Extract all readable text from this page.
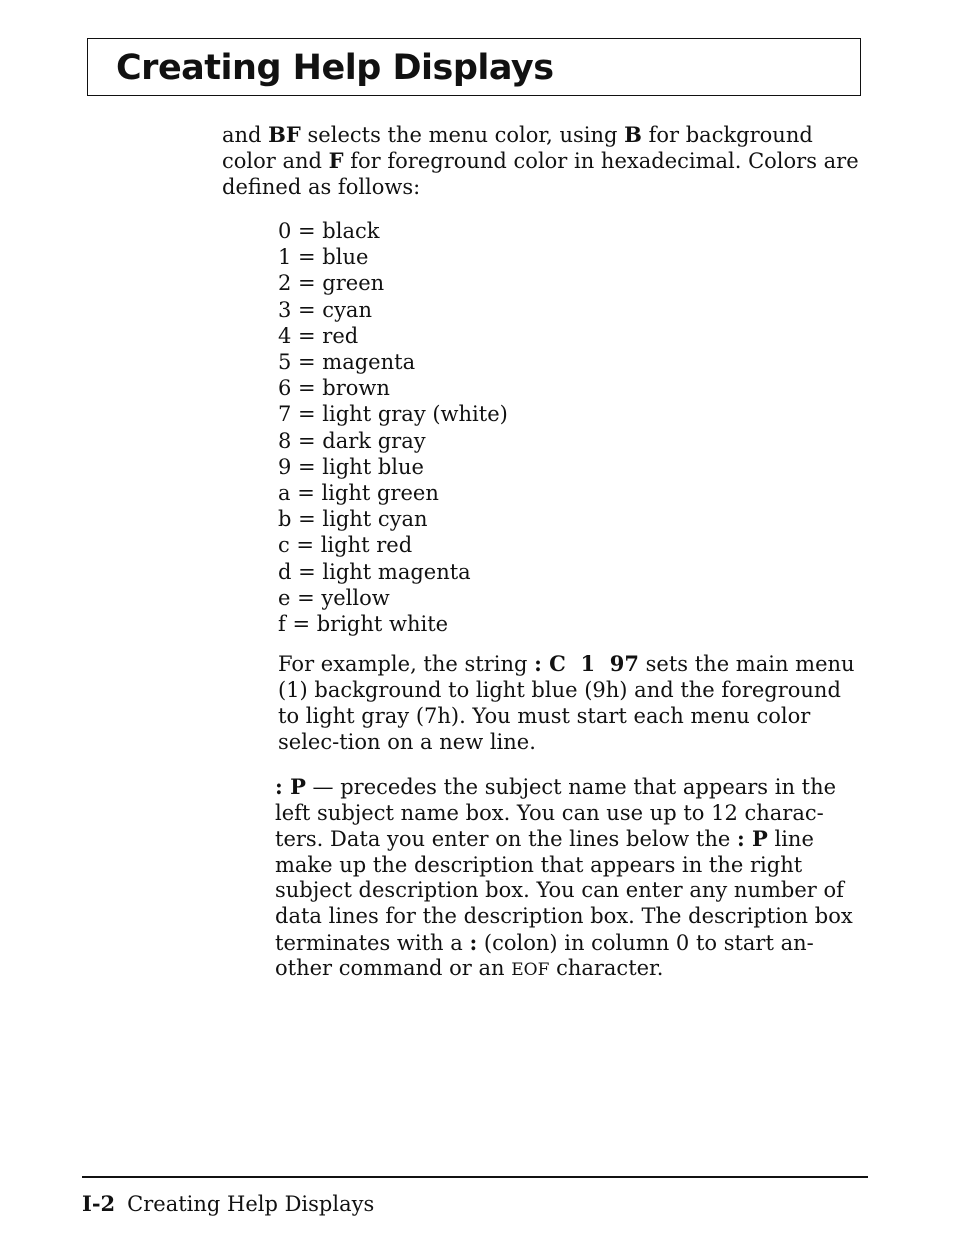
Creating Help Displays

and BF selects the menu color, using B for background color and F for foreground color in hexadecimal. Colors are defined as follows:

0 = black
1 = blue
2 = green
3 = cyan
4 = red
5 = magenta
6 = brown
7 = light gray (white)
8 = dark gray
9 = light blue
a = light green
b = light cyan
c = light red
d = light magenta
e = yellow
f = bright white

For example, the string : C  1  97 sets the main menu (1) background to light blue (9h) and the foreground to light gray (7h). You must start each menu color selec-tion on a new line.

: P — precedes the subject name that appears in the left subject name box. You can use up to 12 charac-ters. Data you enter on the lines below the : P line make up the description that appears in the right subject description box. You can enter any number of data lines for the description box. The description box terminates with a : (colon) in column 0 to start an-other command or an EOF character.

I-2 Creating Help Displays
